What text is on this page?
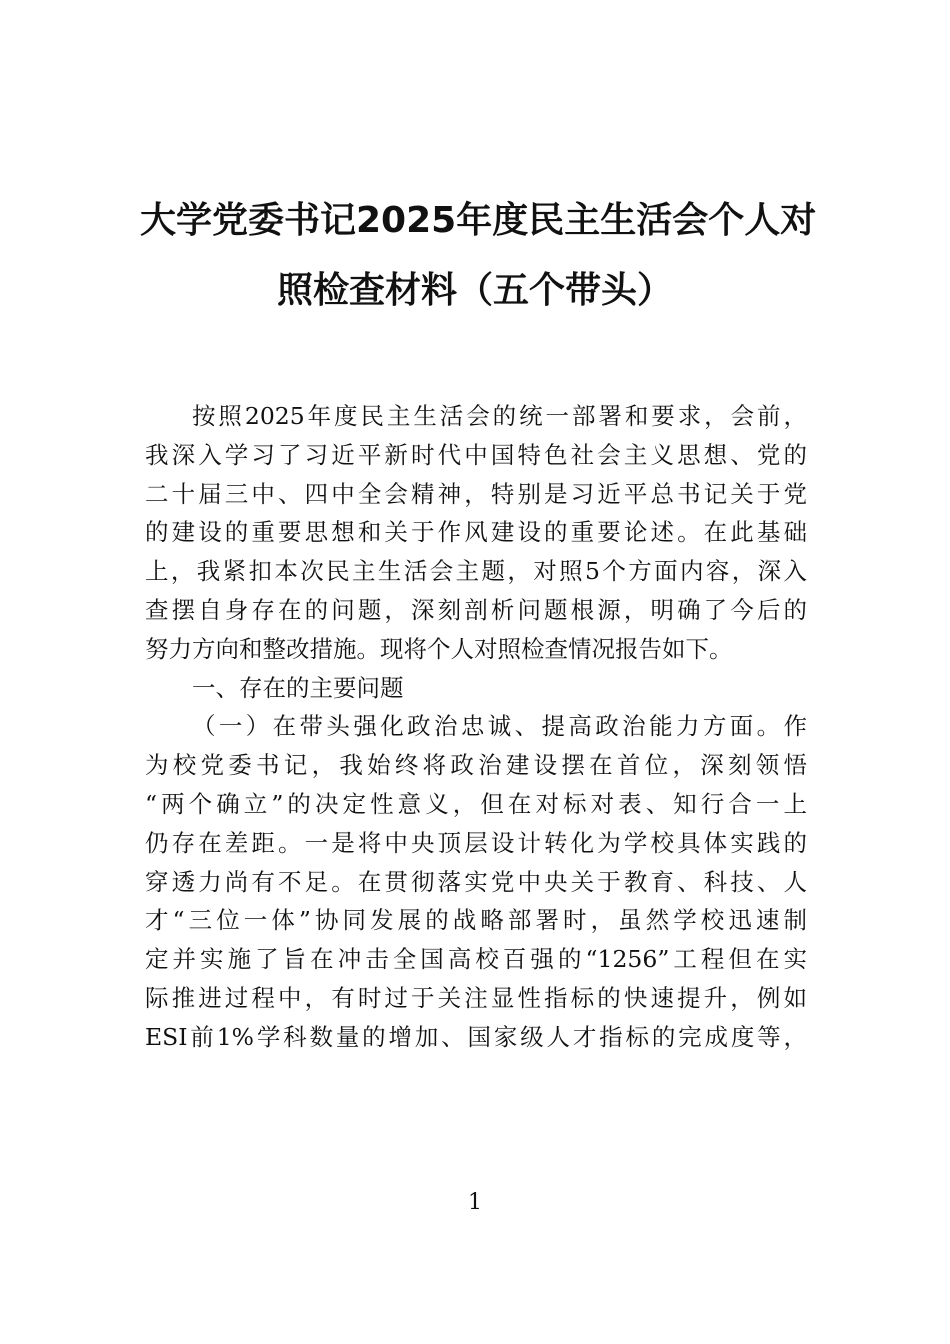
大学党委书记2025年度民主生活会个人对
照检查材料（五个带头）
按照2025年度民主生活会的统一部署和要求，会前，
我深入学习了习近平新时代中国特色社会主义思想、党的
二十届三中、四中全会精神，特别是习近平总书记关于党
的建设的重要思想和关于作风建设的重要论述。在此基础
上，我紧扣本次民主生活会主题，对照5个方面内容，深入
查摆自身存在的问题，深刻剖析问题根源，明确了今后的
努力方向和整改措施。现将个人对照检查情况报告如下。
一、存在的主要问题
（一）在带头强化政治忠诚、提高政治能力方面。作
为校党委书记，我始终将政治建设摆在首位，深刻领悟
“两个确立”的决定性意义，但在对标对表、知行合一上
仍存在差距。一是将中央顶层设计转化为学校具体实践的
穿透力尚有不足。在贯彻落实党中央关于教育、科技、人
才“三位一体”协同发展的战略部署时，虽然学校迅速制
定并实施了旨在冲击全国高校百强的“1256”工程但在实
际推进过程中，有时过于关注显性指标的快速提升，例如
ESI前1%学科数量的增加、国家级人才指标的完成度等，
1
